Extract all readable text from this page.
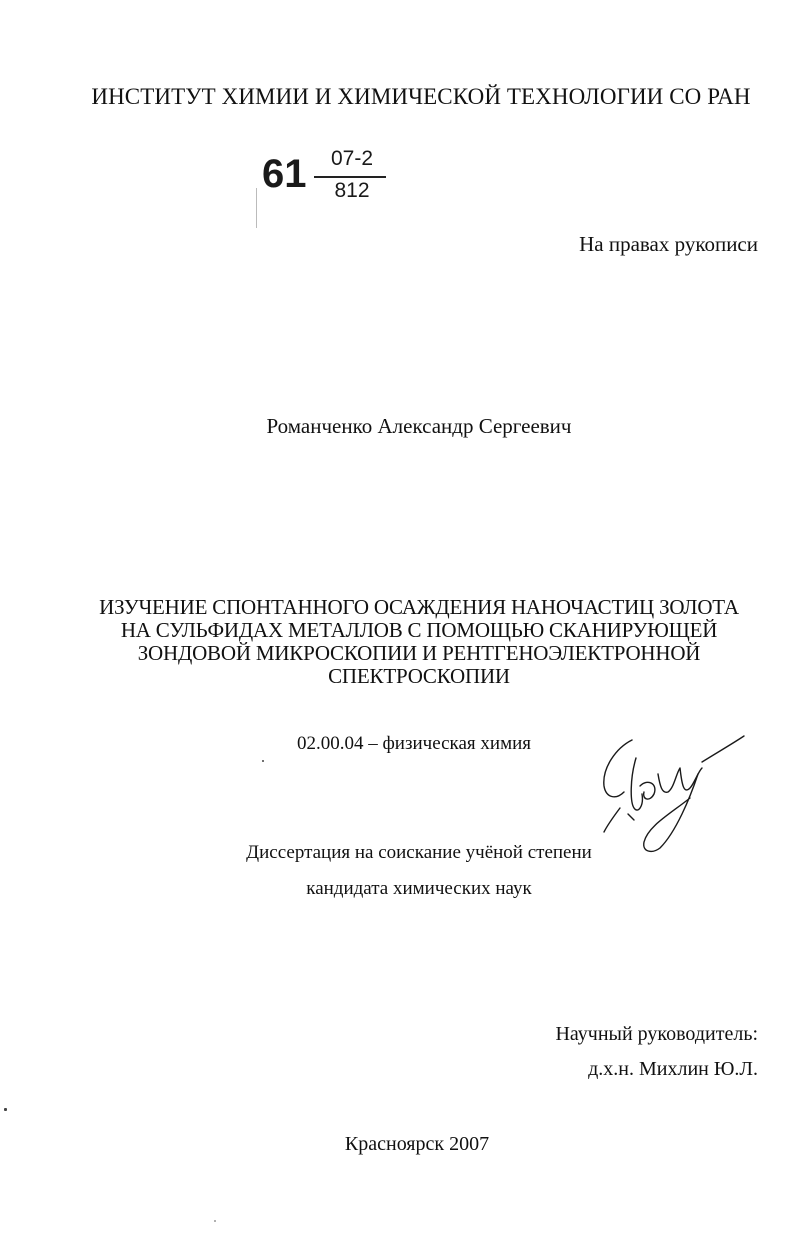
ИНСТИТУТ ХИМИИ И ХИМИЧЕСКОЙ ТЕХНОЛОГИИ СО РАН
61	07-2
812
На правах рукописи
Романченко Александр Сергеевич
ИЗУЧЕНИЕ СПОНТАННОГО ОСАЖДЕНИЯ НАНОЧАСТИЦ ЗОЛОТА
НА СУЛЬФИДАХ МЕТАЛЛОВ С ПОМОЩЬЮ СКАНИРУЮЩЕЙ
ЗОНДОВОЙ МИКРОСКОПИИ И РЕНТГЕНОЭЛЕКТРОННОЙ
СПЕКТРОСКОПИИ
02.00.04 – физическая химия
Диссертация на соискание учёной степени
кандидата химических наук
Научный руководитель:
д.х.н. Михлин Ю.Л.
Красноярск 2007
